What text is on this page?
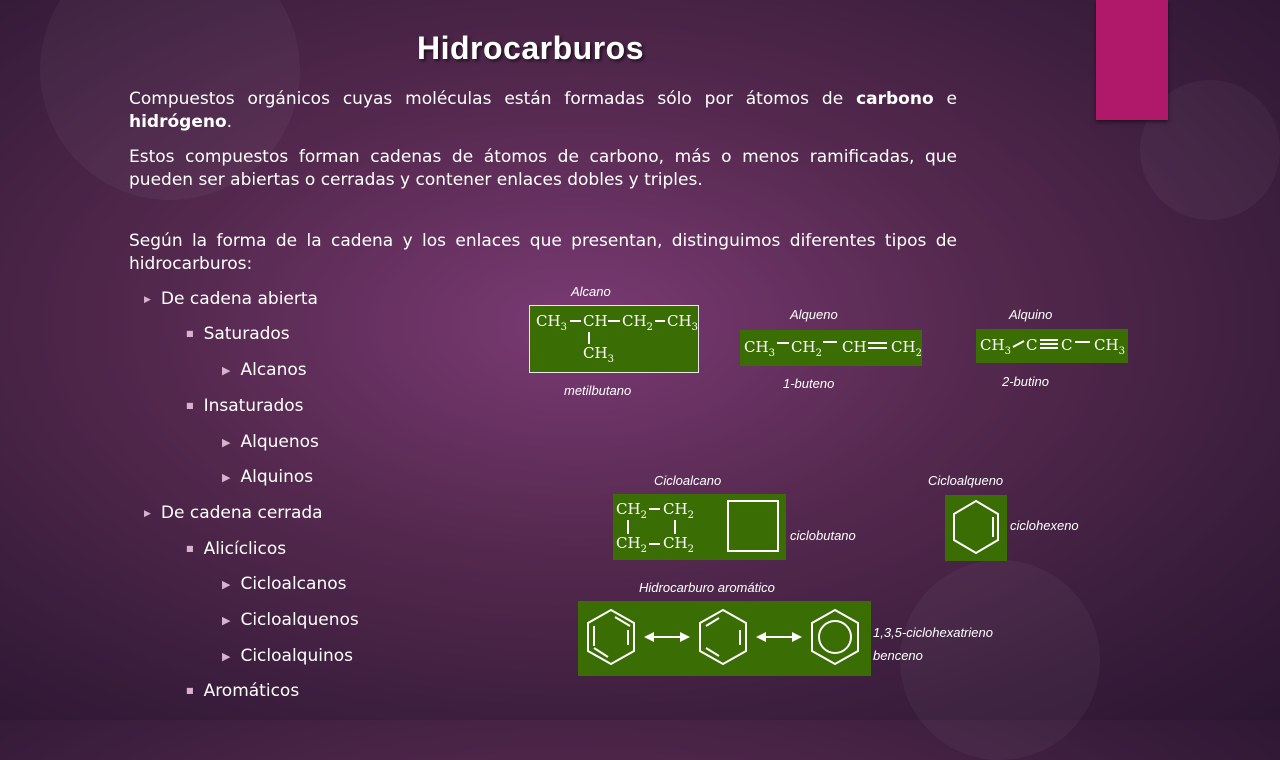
Hidrocarburos
Compuestos orgánicos cuyas moléculas están formadas sólo por átomos de carbono e hidrógeno.
Estos compuestos forman cadenas de átomos de carbono, más o menos ramificadas, que pueden ser abiertas o cerradas y contener enlaces dobles y triples.
Según la forma de la cadena y los enlaces que presentan, distinguimos diferentes tipos de hidrocarburos:
▶ De cadena abierta
■ Saturados
▶ Alcanos
■ Insaturados
▶ Alquenos
▶ Alquinos
▶ De cadena cerrada
■ Alicíclicos
▶ Cicloalcanos
▶ Cicloalquenos
▶ Cicloalquinos
■ Aromáticos
Alcano
$CH_3$ CH $CH_2$ $CH_3$
$CH_3$
metilbutano
Alqueno
$CH_3$ $CH_2$ CH $CH_2$
1-buteno
Alquino
$CH_3$ C C $CH_3$
2-butino
Cicloalcano
$CH_2$ $CH_2$
$CH_2$ $CH_2$
ciclobutano
Cicloalqueno
ciclohexeno
Hidrocarburo aromático
1,3,5-ciclohexatrieno
benceno
